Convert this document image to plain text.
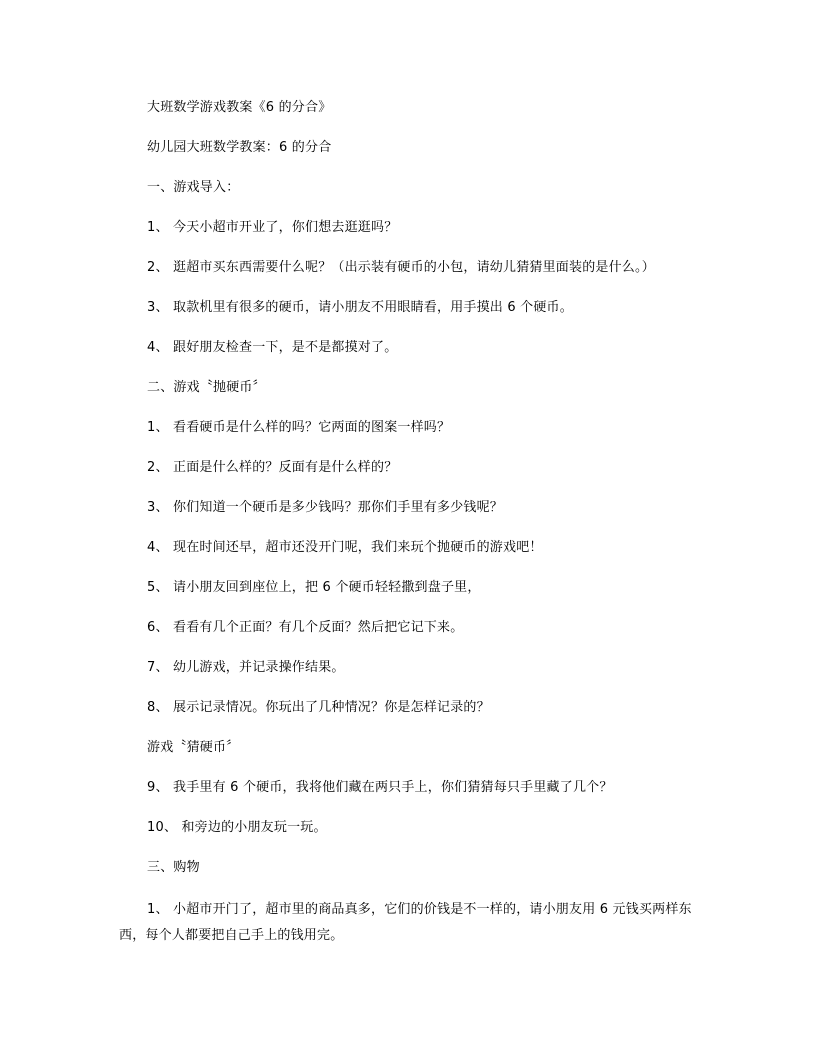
大班数学游戏教案《6 的分合》
幼儿园大班数学教案：6 的分合
一、游戏导入：
1、 今天小超市开业了，你们想去逛逛吗？
2、 逛超市买东西需要什么呢？（出示装有硬币的小包，请幼儿猜猜里面装的是什么。）
3、 取款机里有很多的硬币，请小朋友不用眼睛看，用手摸出 6 个硬币。
4、 跟好朋友检查一下，是不是都摸对了。
二、游戏〝抛硬币〞
1、 看看硬币是什么样的吗？它两面的图案一样吗？
2、 正面是什么样的？反面有是什么样的？
3、 你们知道一个硬币是多少钱吗？那你们手里有多少钱呢？
4、 现在时间还早，超市还没开门呢，我们来玩个抛硬币的游戏吧！
5、 请小朋友回到座位上，把 6 个硬币轻轻撒到盘子里，
6、 看看有几个正面？有几个反面？然后把它记下来。
7、 幼儿游戏，并记录操作结果。
8、 展示记录情况。你玩出了几种情况？你是怎样记录的？
游戏〝猜硬币〞
9、 我手里有 6 个硬币，我将他们藏在两只手上，你们猜猜每只手里藏了几个？
10、 和旁边的小朋友玩一玩。
三、购物
1、 小超市开门了，超市里的商品真多，它们的价钱是不一样的，请小朋友用 6 元钱买两样东西，每个人都要把自己手上的钱用完。
